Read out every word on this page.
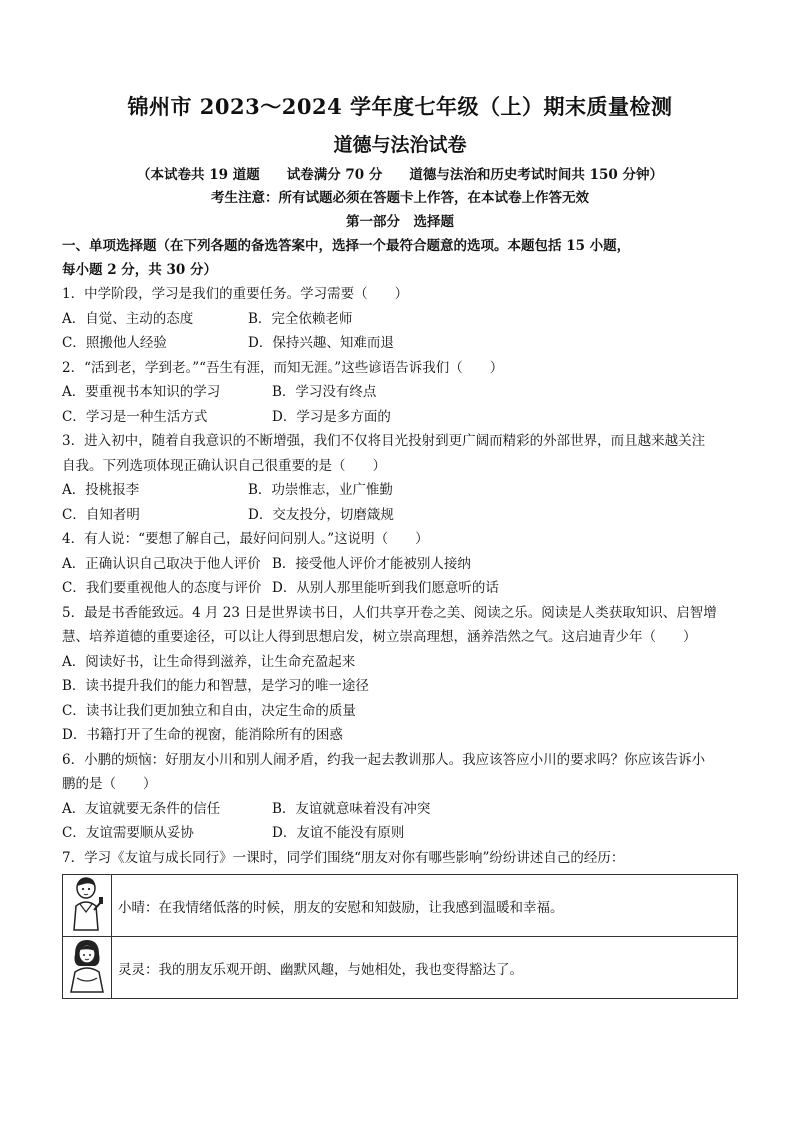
锦州市 2023～2024 学年度七年级（上）期末质量检测
道德与法治试卷

（本试卷共 19 道题　　试卷满分 70 分　　道德与法治和历史考试时间共 150 分钟）

考生注意：所有试题必须在答题卡上作答，在本试卷上作答无效

第一部分　选择题

一、单项选择题（在下列各题的备选答案中，选择一个最符合题意的选项。本题包括 15 小题，

每小题 2 分，共 30 分）

1．中学阶段，学习是我们的重要任务。学习需要（　　）

A．自觉、主动的态度	B．完全依赖老师
C．照搬他人经验	D．保持兴趣、知难而退

2．“活到老，学到老。”“吾生有涯，而知无涯。”这些谚语告诉我们（　　）

A．要重视书本知识的学习	B．学习没有终点
C．学习是一种生活方式	D．学习是多方面的

3．进入初中，随着自我意识的不断增强，我们不仅将目光投射到更广阔而精彩的外部世界，而且越来越关注

自我。下列选项体现正确认识自己很重要的是（　　）

A．投桃报李	B．功崇惟志，业广惟勤
C．自知者明	D．交友投分，切磨箴规

4．有人说：“要想了解自己，最好问问别人。”这说明（　　）

A．正确认识自己取决于他人评价 B．接受他人评价才能被别人接纳
C．我们要重视他人的态度与评价 D．从别人那里能听到我们愿意听的话

5．最是书香能致远。4 月 23 日是世界读书日，人们共享开卷之美、阅读之乐。阅读是人类获取知识、启智增

慧、培养道德的重要途径，可以让人得到思想启发，树立崇高理想，涵养浩然之气。这启迪青少年（　　）

A．阅读好书，让生命得到滋养，让生命充盈起来
B．读书提升我们的能力和智慧，是学习的唯一途径
C．读书让我们更加独立和自由，决定生命的质量
D．书籍打开了生命的视窗，能消除所有的困惑

6．小鹏的烦恼：好朋友小川和别人闹矛盾，约我一起去教训那人。我应该答应小川的要求吗？你应该告诉小

鹏的是（　　）

A．友谊就要无条件的信任	B．友谊就意味着没有冲突
C．友谊需要顺从妥协	D．友谊不能没有原则

7．学习《友谊与成长同行》一课时，同学们围绕“朋友对你有哪些影响”纷纷讲述自己的经历：

	小晴：在我情绪低落的时候，朋友的安慰和知鼓励，让我感到温暖和幸福。
	灵灵：我的朋友乐观开朗、幽默风趣，与她相处，我也变得豁达了。
